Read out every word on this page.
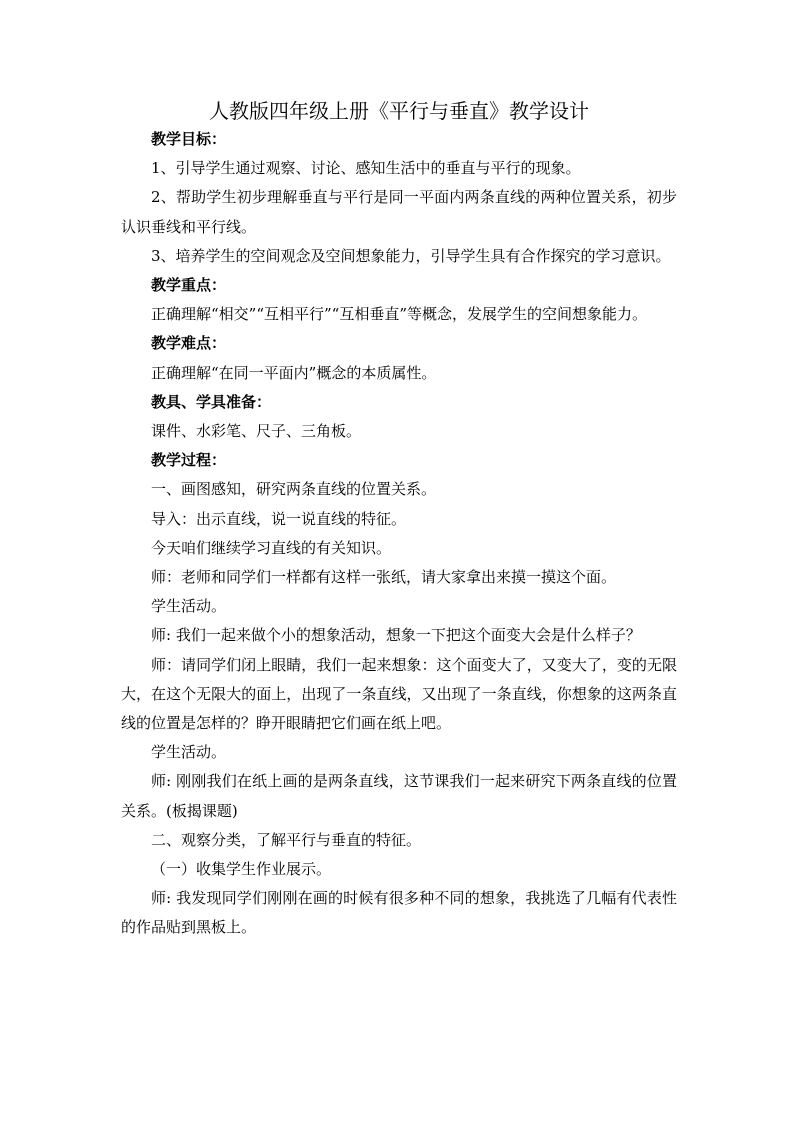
人教版四年级上册《平行与垂直》教学设计

教学目标：

1、引导学生通过观察、讨论、感知生活中的垂直与平行的现象。

2、帮助学生初步理解垂直与平行是同一平面内两条直线的两种位置关系，初步认识垂线和平行线。

3、培养学生的空间观念及空间想象能力，引导学生具有合作探究的学习意识。

教学重点：

正确理解“相交”“互相平行”“互相垂直”等概念，发展学生的空间想象能力。

教学难点：

正确理解“在同一平面内”概念的本质属性。

教具、学具准备：

课件、水彩笔、尺子、三角板。

教学过程：

一、画图感知，研究两条直线的位置关系。

导入：出示直线，说一说直线的特征。

今天咱们继续学习直线的有关知识。

师：老师和同学们一样都有这样一张纸，请大家拿出来摸一摸这个面。

学生活动。

师: 我们一起来做个小的想象活动，想象一下把这个面变大会是什么样子？

师：请同学们闭上眼睛，我们一起来想象：这个面变大了，又变大了，变的无限大，在这个无限大的面上，出现了一条直线，又出现了一条直线，你想象的这两条直线的位置是怎样的？睁开眼睛把它们画在纸上吧。

学生活动。

师: 刚刚我们在纸上画的是两条直线，这节课我们一起来研究下两条直线的位置关系。(板揭课题)

二、观察分类，了解平行与垂直的特征。

（一）收集学生作业展示。

师: 我发现同学们刚刚在画的时候有很多种不同的想象，我挑选了几幅有代表性的作品贴到黑板上。
